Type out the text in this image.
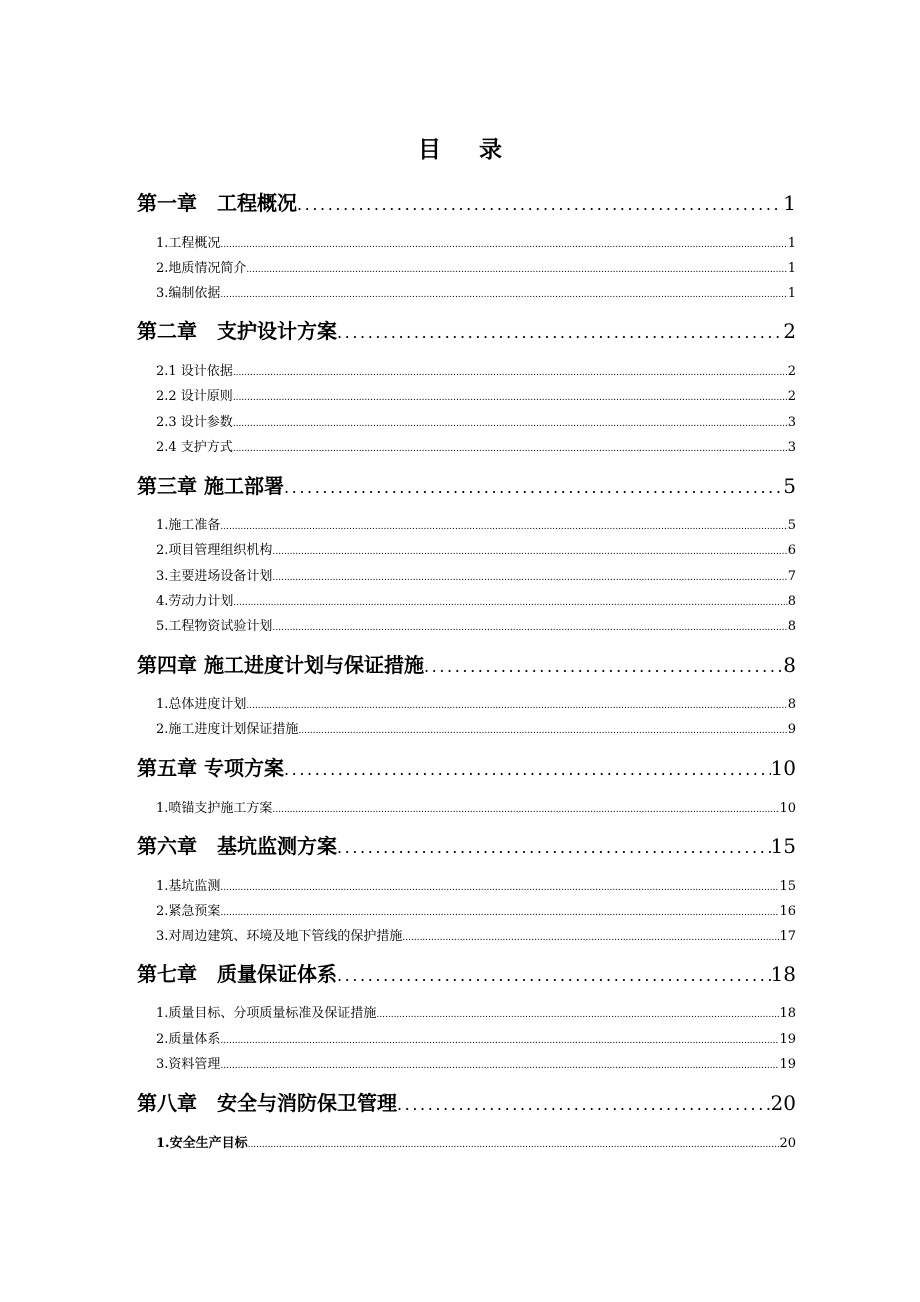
目 录
第一章　工程概况 .....	1
1.工程概况 .....	1
2.地质情况简介 .....	1
3.编制依据 .....	1
第二章　支护设计方案 .....	2
2.1 设计依据 .....	2
2.2 设计原则 .....	2
2.3 设计参数 .....	3
2.4 支护方式 .....	3
第三章 施工部署 .....	5
1.施工准备 .....	5
2.项目管理组织机构 .....	6
3.主要进场设备计划 .....	7
4.劳动力计划 .....	8
5.工程物资试验计划 .....	8
第四章 施工进度计划与保证措施 .....	8
1.总体进度计划 .....	8
2.施工进度计划保证措施 .....	9
第五章 专项方案 .....	10
1.喷锚支护施工方案 .....	10
第六章　基坑监测方案 .....	15
1.基坑监测 .....	15
2.紧急预案 .....	16
3.对周边建筑、环境及地下管线的保护措施 .....	17
第七章　质量保证体系 .....	18
1.质量目标、分项质量标准及保证措施 .....	18
2.质量体系 .....	19
3.资料管理 .....	19
第八章　安全与消防保卫管理 .....	20
1.安全生产目标 .....	20
